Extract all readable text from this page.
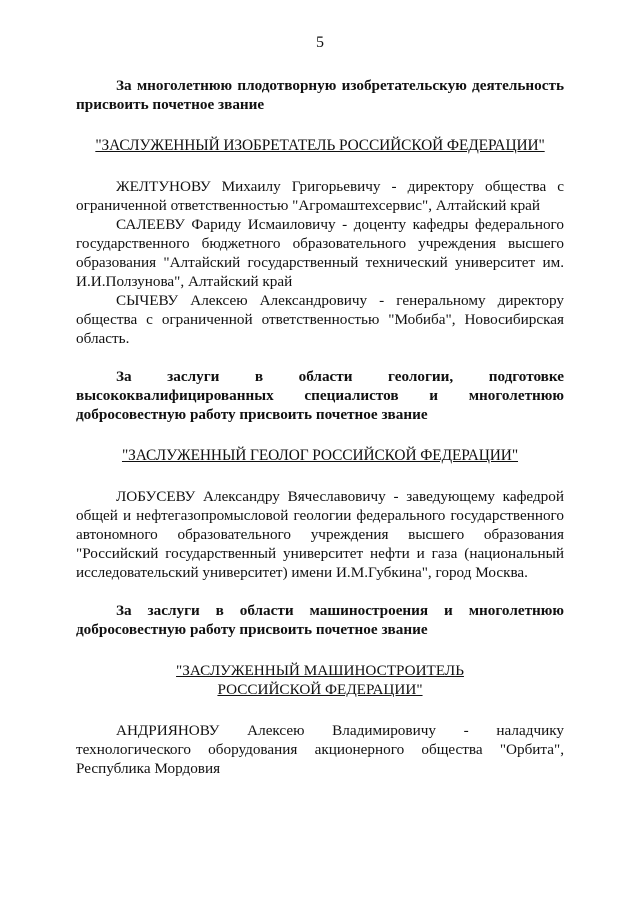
5

За многолетнюю плодотворную изобретательскую деятельность присвоить почетное звание

"ЗАСЛУЖЕННЫЙ ИЗОБРЕТАТЕЛЬ РОССИЙСКОЙ ФЕДЕРАЦИИ"

ЖЕЛТУНОВУ Михаилу Григорьевичу - директору общества с ограниченной ответственностью "Агромаштехсервис", Алтайский край

САЛЕЕВУ Фариду Исмаиловичу - доценту кафедры федерального государственного бюджетного образовательного учреждения высшего образования "Алтайский государственный технический университет им. И.И.Ползунова", Алтайский край

СЫЧЕВУ Алексею Александровичу - генеральному директору общества с ограниченной ответственностью "Мобиба", Новосибирская область.

За заслуги в области геологии, подготовке высококвалифицированных специалистов и многолетнюю добросовестную работу присвоить почетное звание

"ЗАСЛУЖЕННЫЙ ГЕОЛОГ РОССИЙСКОЙ ФЕДЕРАЦИИ"

ЛОБУСЕВУ Александру Вячеславовичу - заведующему кафедрой общей и нефтегазопромысловой геологии федерального государственного автономного образовательного учреждения высшего образования "Российский государственный университет нефти и газа (национальный исследовательский университет) имени И.М.Губкина", город Москва.

За заслуги в области машиностроения и многолетнюю добросовестную работу присвоить почетное звание

"ЗАСЛУЖЕННЫЙ МАШИНОСТРОИТЕЛЬ
РОССИЙСКОЙ ФЕДЕРАЦИИ"

АНДРИЯНОВУ Алексею Владимировичу - наладчику технологического оборудования акционерного общества "Орбита", Республика Мордовия
